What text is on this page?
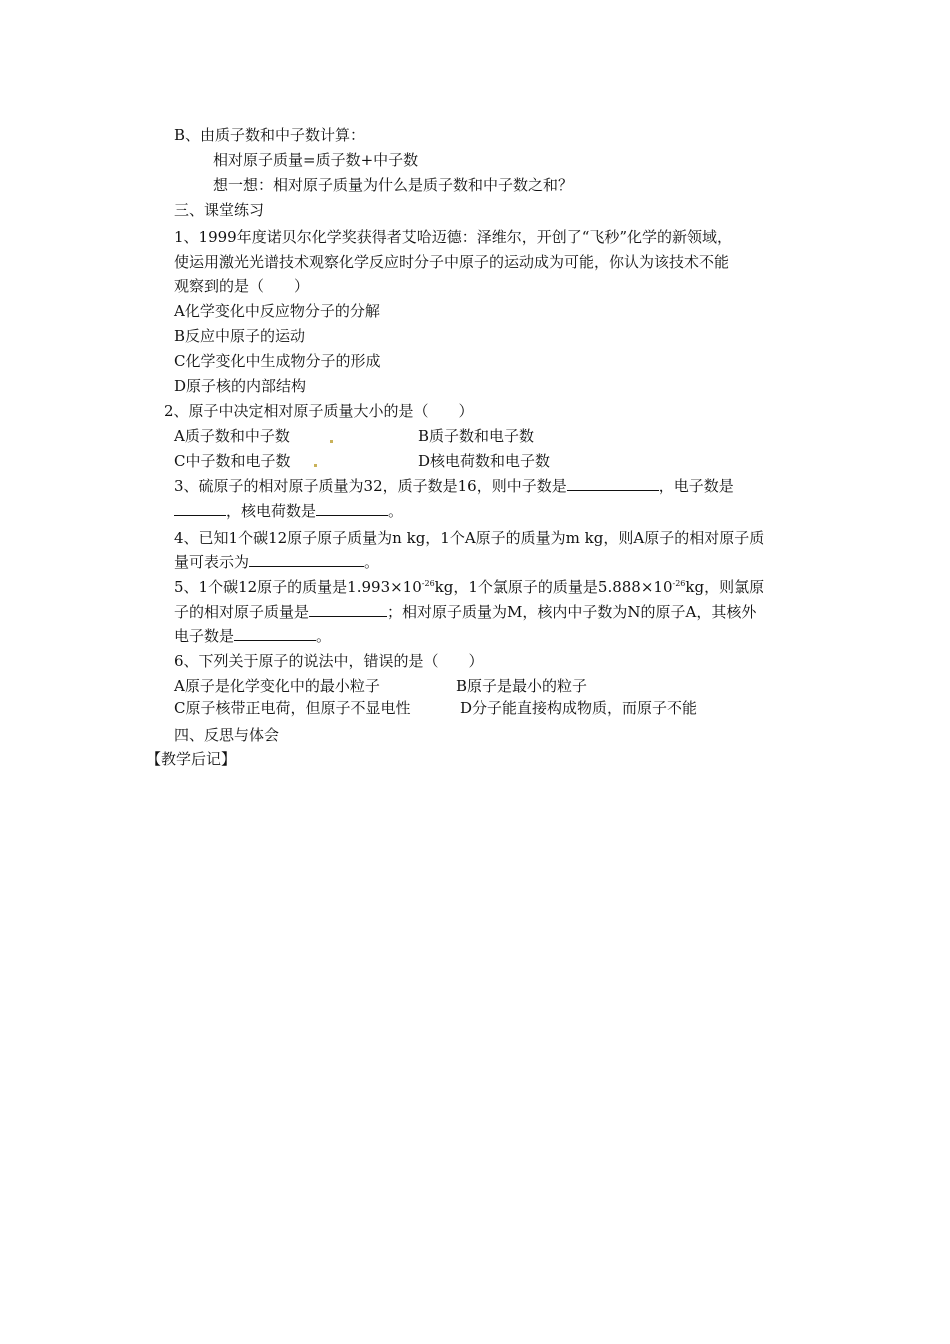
B、由质子数和中子数计算：
相对原子质量=质子数+中子数
想一想：相对原子质量为什么是质子数和中子数之和？
三、课堂练习
1、1999年度诺贝尔化学奖获得者艾哈迈德：泽维尔，开创了“飞秒”化学的新领域，
使运用激光光谱技术观察化学反应时分子中原子的运动成为可能，你认为该技术不能
观察到的是（　　）
A化学变化中反应物分子的分解
B反应中原子的运动
C化学变化中生成物分子的形成
D原子核的内部结构
2、原子中决定相对原子质量大小的是（　　）
A质子数和中子数	B质子数和电子数
C中子数和电子数	D核电荷数和电子数
3、硫原子的相对原子质量为32，质子数是16，则中子数是	，电子数是
，核电荷数是	。
4、已知1个碳12原子原子质量为n kg，1个A原子的质量为m kg，则A原子的相对原子质
量可表示为	。
5、1个碳12原子的质量是$1.993\times 10^{-26}kg$，1个氯原子的质量是$5.888\times 10^{-26}kg$，则氯原
子的相对原子质量是	；相对原子质量为M，核内中子数为N的原子A，其核外
电子数是	。
6、下列关于原子的说法中，错误的是（　　）
A原子是化学变化中的最小粒子	B原子是最小的粒子
C原子核带正电荷，但原子不显电性	D分子能直接构成物质，而原子不能
四、反思与体会
【教学后记】
